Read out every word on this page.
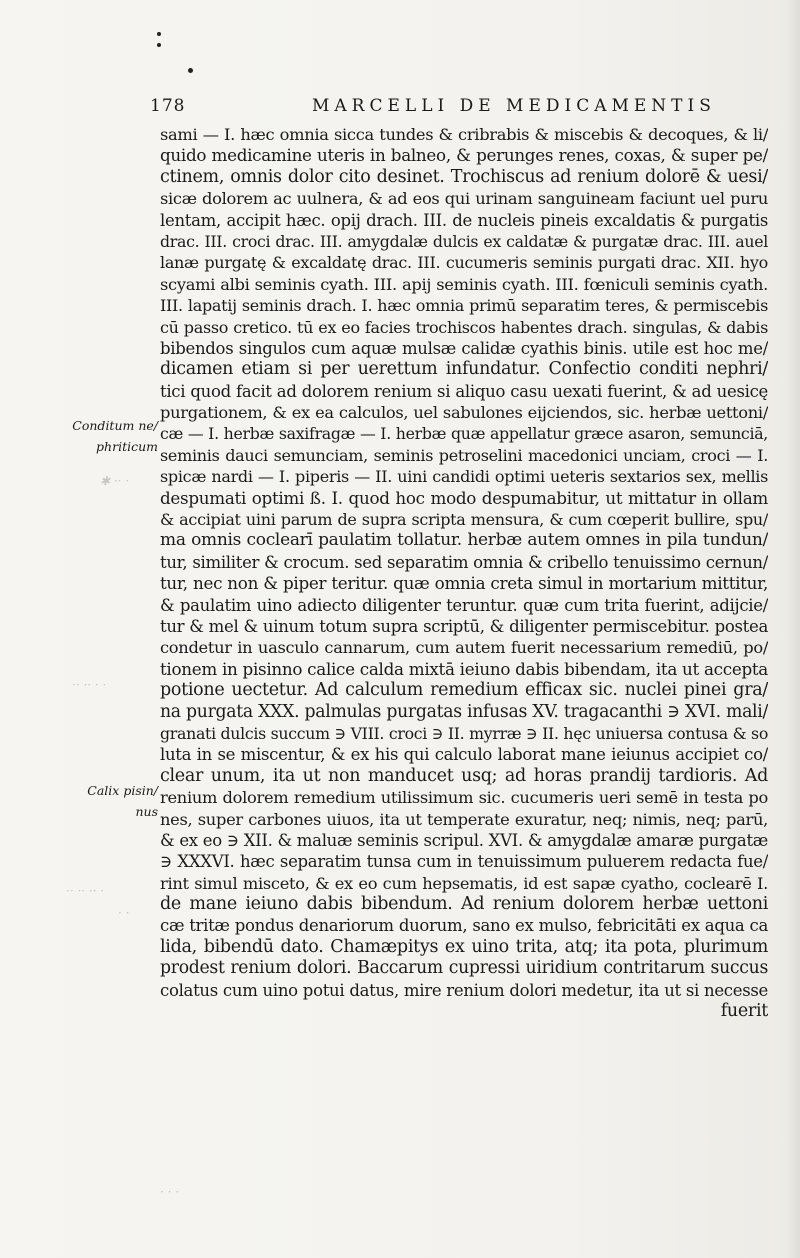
178	MARCELLI DE MEDICAMENTIS
Conditum ne/
phriticum
Calix pisin/
nus
✱ ·· ·
·· ·· · ·
·· ·· ·· ·
· ·
· · ·
sami — I. hæc omnia sicca tundes & cribrabis & miscebis & decoques, & li/
quido medicamine uteris in balneo, & perunges renes, coxas, & super pe/
ctinem, omnis dolor cito desinet. Trochiscus ad renium dolorē & uesi/
sicæ dolorem ac uulnera, & ad eos qui urinam sanguineam faciunt uel puru
lentam, accipit hæc. opij drach. III. de nucleis pineis excaldatis & purgatis
drac. III. croci drac. III. amygdalæ dulcis ex caldatæ & purgatæ drac. III. auel
lanæ purgatę & excaldatę drac. III. cucumeris seminis purgati drac. XII. hyo
scyami albi seminis cyath. III. apij seminis cyath. III. fœniculi seminis cyath.
III. lapatij seminis drach. I. hæc omnia primū separatim teres, & permiscebis
cū passo cretico. tū ex eo facies trochiscos habentes drach. singulas, & dabis
bibendos singulos cum aquæ mulsæ calidæ cyathis binis. utile est hoc me/
dicamen etiam si per uerettum infundatur. Confectio conditi nephri/
tici quod facit ad dolorem renium si aliquo casu uexati fuerint, & ad uesicę
purgationem, & ex ea calculos, uel sabulones eijciendos, sic. herbæ uettoni/
cæ — I. herbæ saxifragæ — I. herbæ quæ appellatur græce asaron, semunciā,
seminis dauci semunciam, seminis petroselini macedonici unciam, croci — I.
spicæ nardi — I. piperis — II. uini candidi optimi ueteris sextarios sex, mellis
despumati optimi ß. I. quod hoc modo despumabitur, ut mittatur in ollam
& accipiat uini parum de supra scripta mensura, & cum cœperit bullire, spu/
ma omnis coclearī paulatim tollatur. herbæ autem omnes in pila tundun/
tur, similiter & crocum. sed separatim omnia & cribello tenuissimo cernun/
tur, nec non & piper teritur. quæ omnia creta simul in mortarium mittitur,
& paulatim uino adiecto diligenter teruntur. quæ cum trita fuerint, adijcie/
tur & mel & uinum totum supra scriptū, & diligenter permiscebitur. postea
condetur in uasculo cannarum, cum autem fuerit necessarium remediū, po/
tionem in pisinno calice calda mixtā ieiuno dabis bibendam, ita ut accepta
potione uectetur. Ad calculum remedium efficax sic. nuclei pinei gra/
na purgata XXX. palmulas purgatas infusas XV. tragacanthi ∋ XVI. mali/
granati dulcis succum ∋ VIII. croci ∋ II. myrræ ∋ II. hęc uniuersa contusa & so
luta in se miscentur, & ex his qui calculo laborat mane ieiunus accipiet co/
clear unum, ita ut non manducet usq; ad horas prandij tardioris. Ad
renium dolorem remedium utilissimum sic. cucumeris ueri semē in testa po
nes, super carbones uiuos, ita ut temperate exuratur, neq; nimis, neq; parū,
& ex eo ∋ XII. & maluæ seminis scripul. XVI. & amygdalæ amaræ purgatæ
∋ XXXVI. hæc separatim tunsa cum in tenuissimum puluerem redacta fue/
rint simul misceto, & ex eo cum hepsematis, id est sapæ cyatho, coclearē I.
de mane ieiuno dabis bibendum. Ad renium dolorem herbæ uettoni
cæ tritæ pondus denariorum duorum, sano ex mulso, febricitāti ex aqua ca
lida, bibendū dato. Chamæpitys ex uino trita, atq; ita pota, plurimum
prodest renium dolori. Baccarum cupressi uiridium contritarum succus
colatus cum uino potui datus, mire renium dolori medetur, ita ut si necesse
fuerit
